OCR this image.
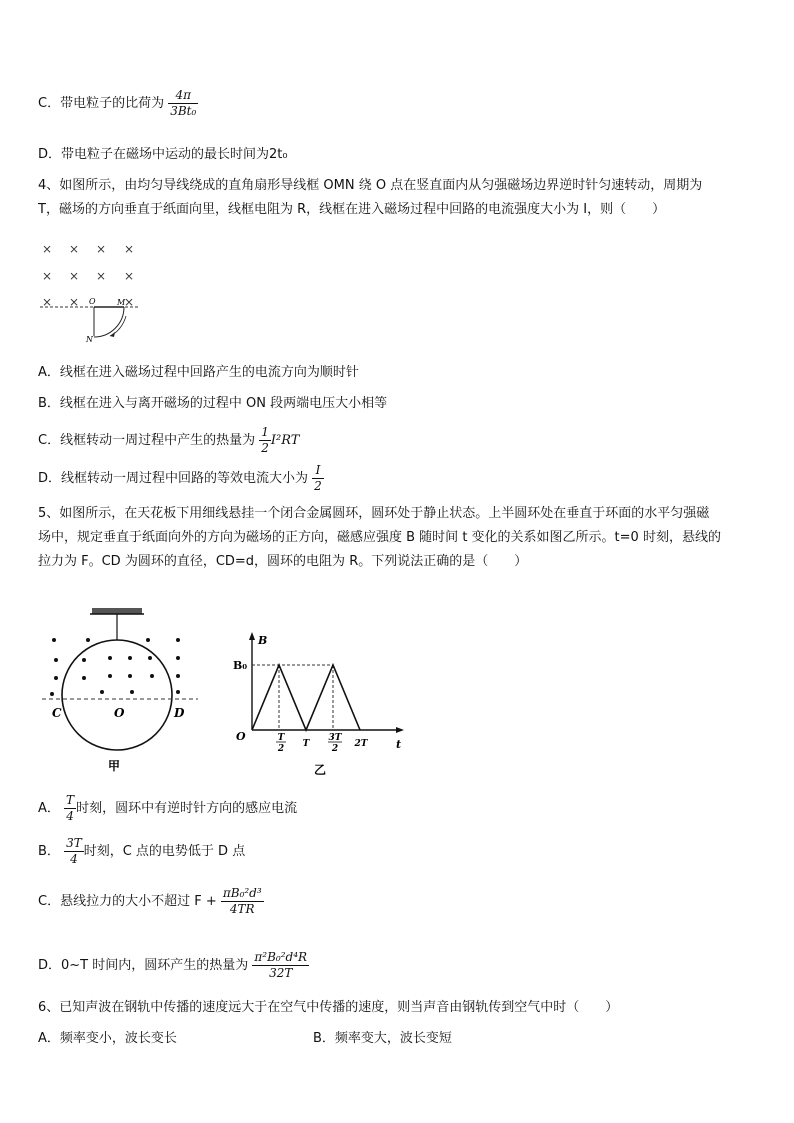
C．带电粒子的比荷为 $\frac{4\pi}{\text{3Bt₀}}$
D．带电粒子在磁场中运动的最长时间为2t₀
4、如图所示，由均匀导线绕成的直角扇形导线框 OMN 绕 O 点在竖直面内从匀强磁场边界逆时针匀速转动，周期为
T，磁场的方向垂直于纸面向里，线框电阻为 R，线框在进入磁场过程中回路的电流强度大小为 I，则（　　）
× × × ×
× × × ×
× ×	×
O	M
N
A．线框在进入磁场过程中回路产生的电流方向为顺时针
B．线框在进入与离开磁场的过程中 ON 段两端电压大小相等
C．线框转动一周过程中产生的热量为 $\frac{1}{2} I^2RT$
D．线框转动一周过程中回路的等效电流大小为 $\frac{I}{2}$
5、如图所示，在天花板下用细线悬挂一个闭合金属圆环，圆环处于静止状态。上半圆环处在垂直于环面的水平匀强磁
场中，规定垂直于纸面向外的方向为磁场的正方向，磁感应强度 B 随时间 t 变化的关系如图乙所示。t=0 时刻，悬线的
拉力为 F。CD 为圆环的直径，CD=d，圆环的电阻为 R。下列说法正确的是（　　）
C	O	D
甲
B
B₀
O
t
T
2 T
3T
2 2T
乙
A． $\frac{T}{4}$ 时刻，圆环中有逆时针方向的感应电流
B． $\frac{3T}{4}$ 时刻，C 点的电势低于 D 点
C．悬线拉力的大小不超过 $F + \frac{\text{πB₀²d³}}{4TR}$
D．0~T 时间内，圆环产生的热量为 $\frac{\text{π²B₀²d⁴R}}{32T}$
6、已知声波在钢轨中传播的速度远大于在空气中传播的速度，则当声音由钢轨传到空气中时（　　）
A．频率变小，波长变长	B．频率变大，波长变短
